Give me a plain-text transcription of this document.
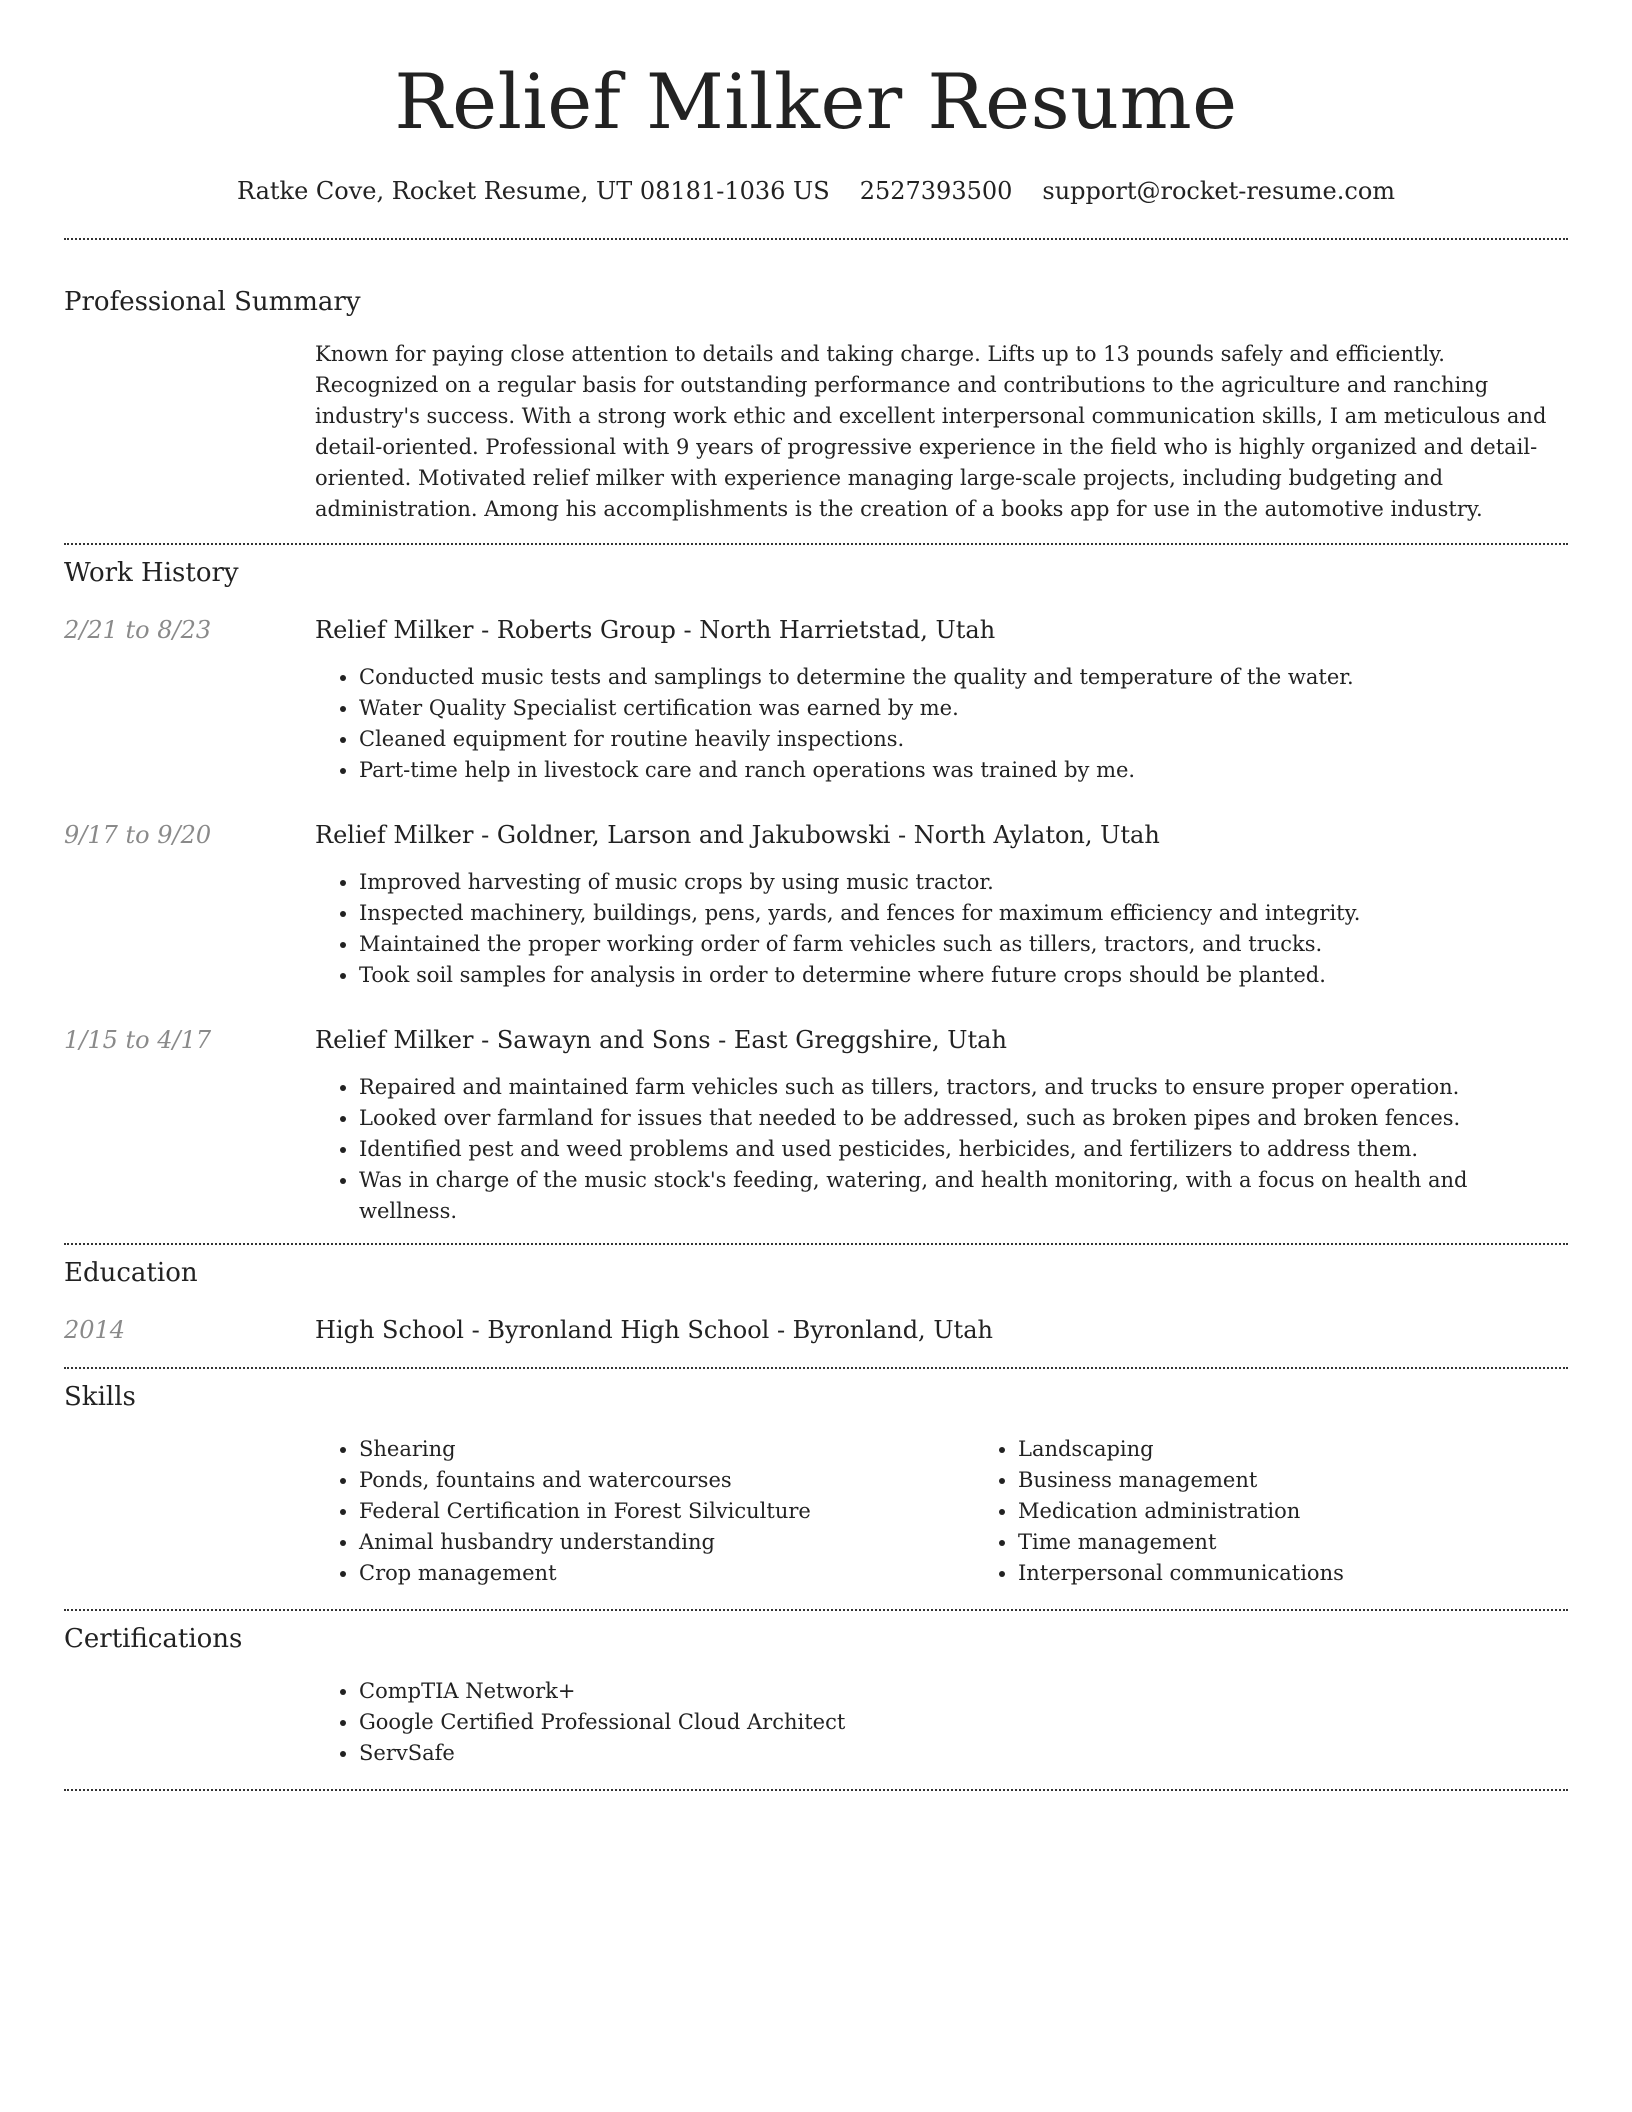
Relief Milker Resume
Ratke Cove, Rocket Resume, UT 08181-1036 US 2527393500 support@rocket-resume.com
Professional Summary

Known for paying close attention to details and taking charge. Lifts up to 13 pounds safely and efficiently. Recognized on a regular basis for outstanding performance and contributions to the agriculture and ranching industry's success. With a strong work ethic and excellent interpersonal communication skills, I am meticulous and detail-oriented. Professional with 9 years of progressive experience in the field who is highly organized and detail-oriented. Motivated relief milker with experience managing large-scale projects, including budgeting and administration. Among his accomplishments is the creation of a books app for use in the automotive industry.

Work History
2/21 to 8/23	Relief Milker - Roberts Group - North Harrietstad, Utah
• Conducted music tests and samplings to determine the quality and temperature of the water.
• Water Quality Specialist certification was earned by me.
• Cleaned equipment for routine heavily inspections.
• Part-time help in livestock care and ranch operations was trained by me.
9/17 to 9/20	Relief Milker - Goldner, Larson and Jakubowski - North Aylaton, Utah
• Improved harvesting of music crops by using music tractor.
• Inspected machinery, buildings, pens, yards, and fences for maximum efficiency and integrity.
• Maintained the proper working order of farm vehicles such as tillers, tractors, and trucks.
• Took soil samples for analysis in order to determine where future crops should be planted.
1/15 to 4/17	Relief Milker - Sawayn and Sons - East Greggshire, Utah
• Repaired and maintained farm vehicles such as tillers, tractors, and trucks to ensure proper operation.
• Looked over farmland for issues that needed to be addressed, such as broken pipes and broken fences.
• Identified pest and weed problems and used pesticides, herbicides, and fertilizers to address them.
• Was in charge of the music stock's feeding, watering, and health monitoring, with a focus on health and wellness.
Education
2014	High School - Byronland High School - Byronland, Utah
Skills
• Shearing
• Ponds, fountains and watercourses
• Federal Certification in Forest Silviculture
• Animal husbandry understanding
• Crop management
• Landscaping
• Business management
• Medication administration
• Time management
• Interpersonal communications
Certifications
• CompTIA Network+
• Google Certified Professional Cloud Architect
• ServSafe
